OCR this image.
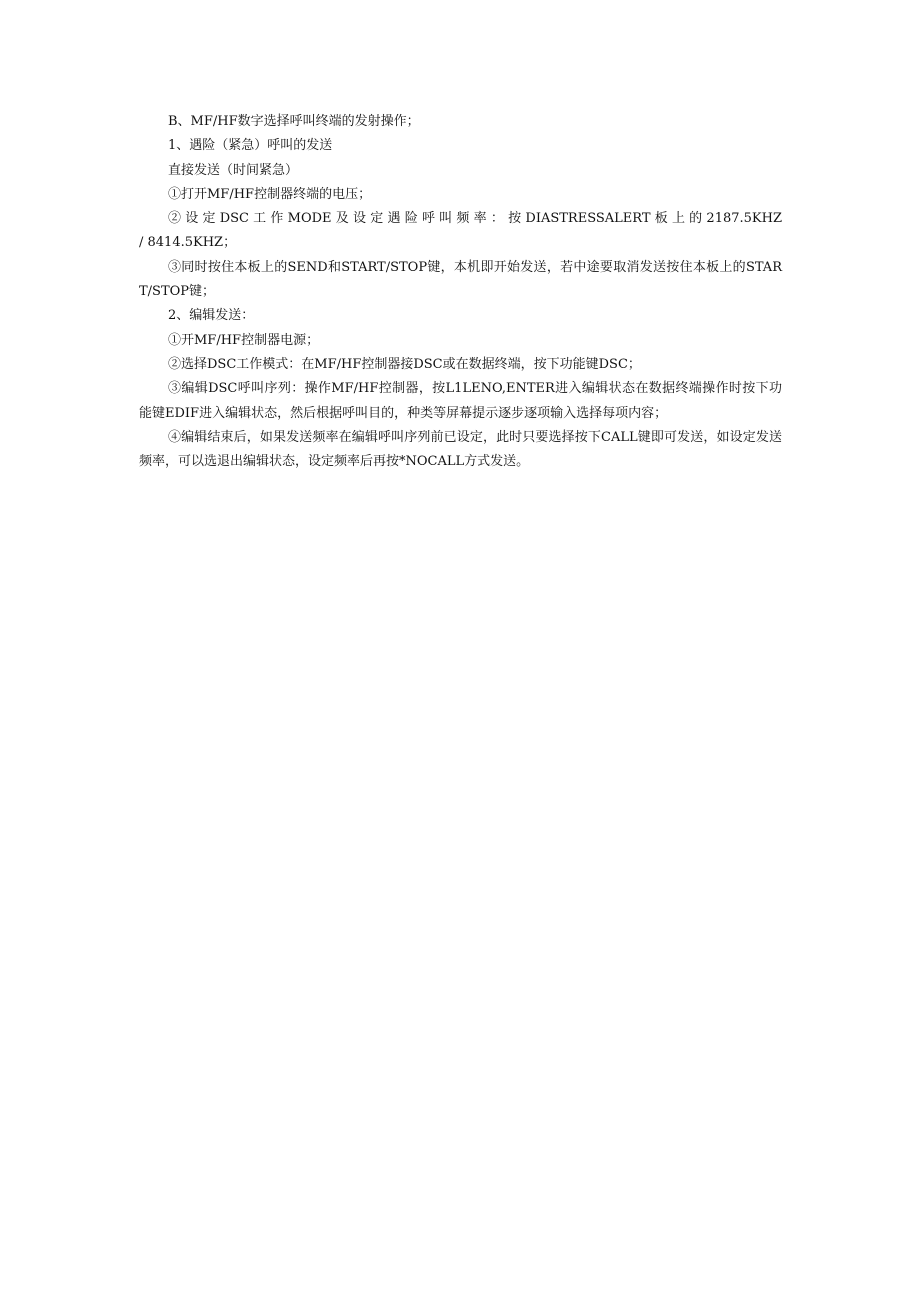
B、MF/HF数字选择呼叫终端的发射操作；

1、遇险（紧急）呼叫的发送

直接发送（时间紧急）

①打开MF/HF控制器终端的电压；

② 设 定 DSC 工 作 MODE 及 设 定 遇 险 呼 叫 频 率 ： 按 DIASTRESSALERT 板 上 的 2187.5KHZ / 8414.5KHZ；

③同时按住本板上的SEND和START/STOP键，本机即开始发送，若中途要取消发送按住本板上的START/STOP键；

2、编辑发送：

①开MF/HF控制器电源；

②选择DSC工作模式：在MF/HF控制器接DSC或在数据终端，按下功能键DSC；

③编辑DSC呼叫序列：操作MF/HF控制器，按L1LENO,ENTER进入编辑状态在数据终端操作时按下功能键EDIF进入编辑状态，然后根据呼叫目的，种类等屏幕提示逐步逐项输入选择每项内容；

④编辑结束后，如果发送频率在编辑呼叫序列前已设定，此时只要选择按下CALL键即可发送，如设定发送频率，可以选退出编辑状态，设定频率后再按*NOCALL方式发送。
